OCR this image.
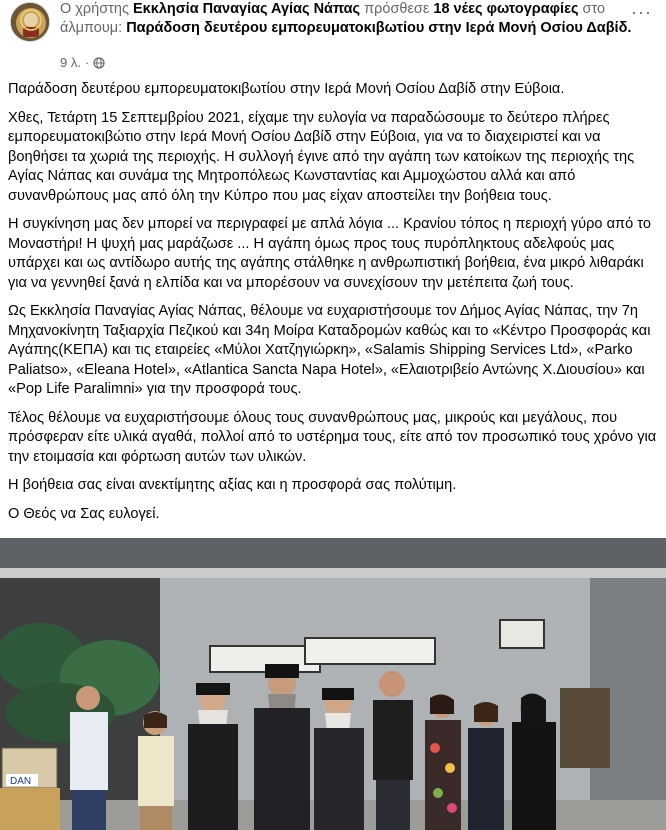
Ο χρήστης Εκκλησία Παναγίας Αγίας Νάπας πρόσθεσε 18 νέες φωτογραφίες στο άλμπουμ: Παράδοση δευτέρου εμπορευματοκιβωτίου στην Ιερά Μονή Οσίου Δαβίδ.
9 λ. ·
···

Παράδοση δευτέρου εμπορευματοκιβωτίου στην Ιερά Μονή Οσίου Δαβίδ στην Εύβοια.

Χθες, Τετάρτη 15 Σεπτεμβρίου 2021, είχαμε την ευλογία να παραδώσουμε το δεύτερο πλήρες εμπορευματοκιβώτιο στην Ιερά Μονή Οσίου Δαβίδ στην Εύβοια, για να το διαχειριστεί και να βοηθήσει τα χωριά της περιοχής. Η συλλογή έγινε από την αγάπη των κατοίκων της περιοχής της Αγίας Νάπας και συνάμα της Μητροπόλεως Κωνσταντίας και Αμμοχώστου αλλά και από συνανθρώπους μας από όλη την Κύπρο που μας είχαν αποστείλει την βοήθεια τους.

Η συγκίνηση μας δεν μπορεί να περιγραφεί με απλά λόγια ... Κρανίου τόπος η περιοχή γύρο από το Μοναστήρι! Η ψυχή μας μαράζωσε ... Η αγάπη όμως προς τους πυρόπληκτους αδελφούς μας υπάρχει και ως αντίδωρο αυτής της αγάπης στάλθηκε η ανθρωπιστική βοήθεια, ένα μικρό λιθαράκι για να γεννηθεί ξανά η ελπίδα και να μπορέσουν να συνεχίσουν την μετέπειτα ζωή τους.

Ως Εκκλησία Παναγίας Αγίας Νάπας, θέλουμε να ευχαριστήσουμε τον Δήμος Αγίας Νάπας, την 7η Μηχανοκίνητη Ταξιαρχία Πεζικού και 34η Μοίρα Καταδρομών καθώς και το «Κέντρο Προσφοράς και Αγάπης(ΚΕΠΑ) και τις εταιρείες «Μύλοι Χατζηγιώρκη», «Salamis Shipping Services Ltd», «Parko Paliatso», «Eleana Hotel», «Atlantica Sancta Napa Hotel», «Ελαιοτριβείο Αντώνης Χ.Διουσίου» και «Pop Life Paralimni» για την προσφορά τους.

Τέλος θέλουμε να ευχαριστήσουμε όλους τους συνανθρώπους μας, μικρούς και μεγάλους, που πρόσφεραν είτε υλικά αγαθά, πολλοί από το υστέρημα τους, είτε από τον προσωπικό τους χρόνο για την ετοιμασία και φόρτωση αυτών των υλικών.

Η βοήθεια σας είναι ανεκτίμητης αξίας και η προσφορά σας πολύτιμη.

Ο Θεός να Σας ευλογεί.

DAN
